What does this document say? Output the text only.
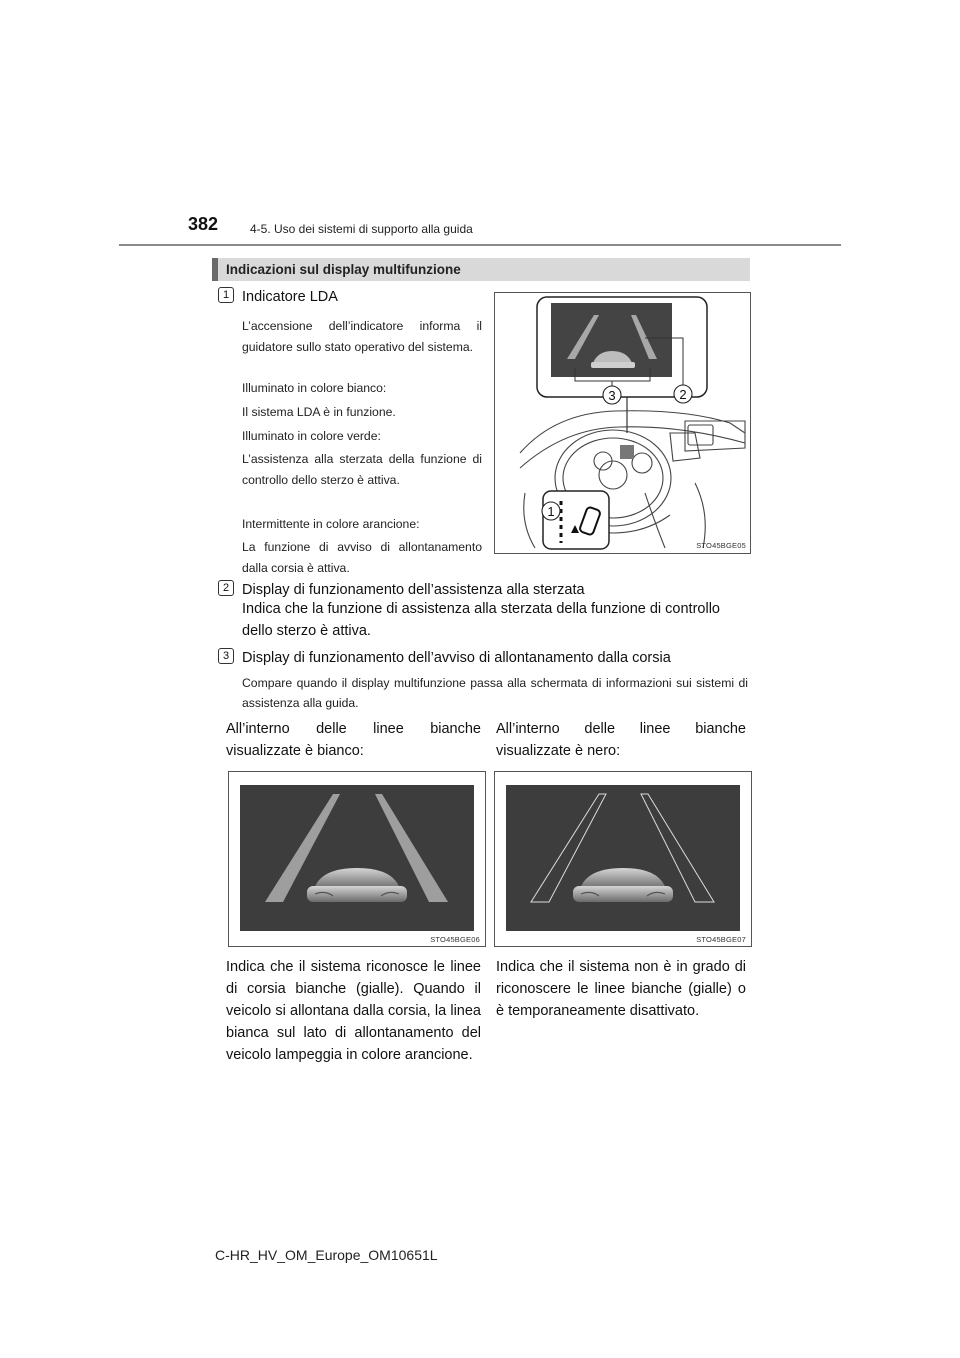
382	4-5. Uso dei sistemi di supporto alla guida
Indicazioni sul display multifunzione
1 Indicatore LDA
L’accensione dell’indicatore informa il guidatore sullo stato operativo del sistema.
Illuminato in colore bianco:
Il sistema LDA è in funzione.
Illuminato in colore verde:
L’assistenza alla sterzata della funzione di controllo dello sterzo è attiva.
Intermittente in colore arancione:
La funzione di avviso di allontanamento dalla corsia è attiva.
3	2
1
STO45BGE05
2 Display di funzionamento dell’assistenza alla sterzata
Indica che la funzione di assistenza alla sterzata della funzione di controllo dello sterzo è attiva.
3 Display di funzionamento dell’avviso di allontanamento dalla corsia
Compare quando il display multifunzione passa alla schermata di informazioni sui sistemi di assistenza alla guida.
All’interno delle linee bianche visualizzate è bianco:
All’interno delle linee bianche visualizzate è nero:
STO45BGE06	STO45BGE07
Indica che il sistema riconosce le linee di corsia bianche (gialle). Quando il veicolo si allontana dalla corsia, la linea bianca sul lato di allontanamento del veicolo lampeggia in colore arancione.
Indica che il sistema non è in grado di riconoscere le linee bianche (gialle) o è temporaneamente disattivato.
C-HR_HV_OM_Europe_OM10651L
